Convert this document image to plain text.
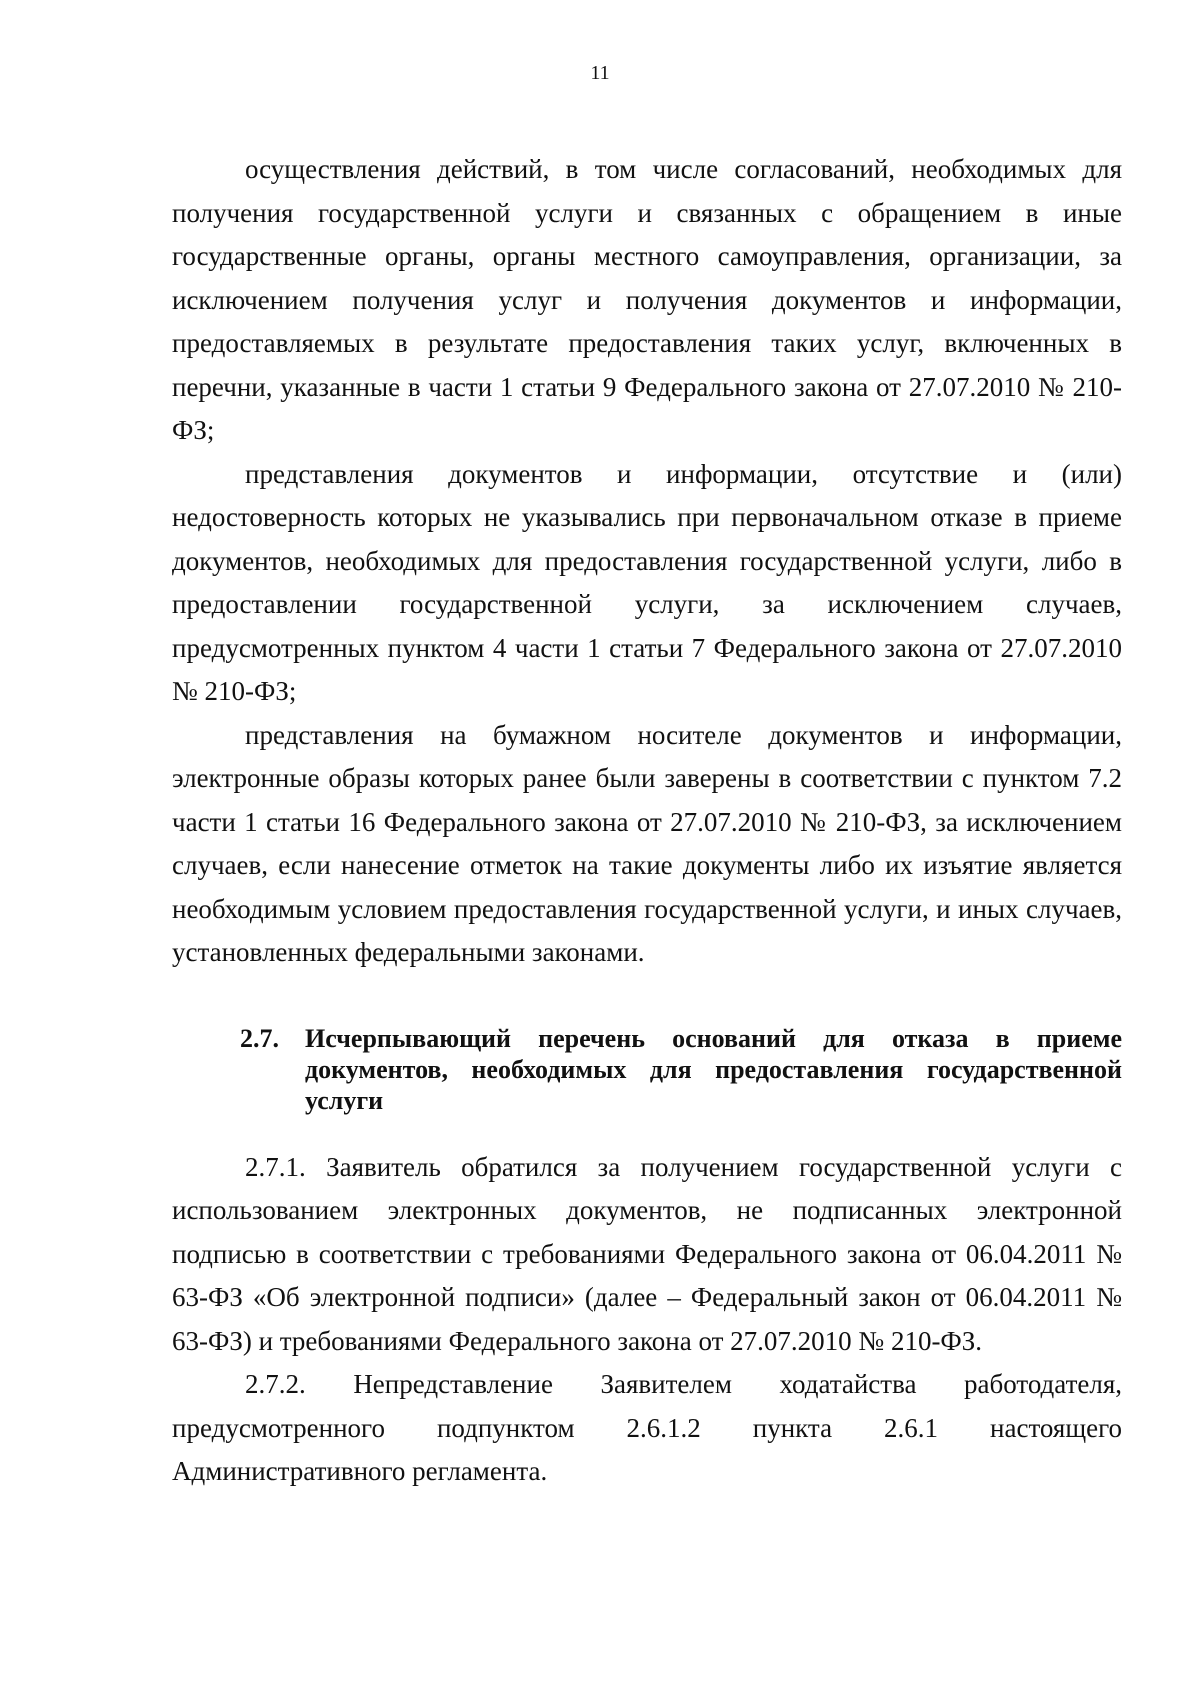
11

осуществления действий, в том числе согласований, необходимых для получения государственной услуги и связанных с обращением в иные государственные органы, органы местного самоуправления, организации, за исключением получения услуг и получения документов и информации, предоставляемых в результате предоставления таких услуг, включенных в перечни, указанные в части 1 статьи 9 Федерального закона от 27.07.2010 № 210-ФЗ;

представления документов и информации, отсутствие и (или) недостоверность которых не указывались при первоначальном отказе в приеме документов, необходимых для предоставления государственной услуги, либо в предоставлении государственной услуги, за исключением случаев, предусмотренных пунктом 4 части 1 статьи 7 Федерального закона от 27.07.2010 № 210-ФЗ;

представления на бумажном носителе документов и информации, электронные образы которых ранее были заверены в соответствии с пунктом 7.2 части 1 статьи 16 Федерального закона от 27.07.2010 № 210-ФЗ, за исключением случаев, если нанесение отметок на такие документы либо их изъятие является необходимым условием предоставления государственной услуги, и иных случаев, установленных федеральными законами.

2.7.	Исчерпывающий перечень оснований для отказа в приеме документов, необходимых для предоставления государственной услуги

2.7.1. Заявитель обратился за получением государственной услуги с использованием электронных документов, не подписанных электронной подписью в соответствии с требованиями Федерального закона от 06.04.2011 № 63-ФЗ «Об электронной подписи» (далее – Федеральный закон от 06.04.2011 № 63-ФЗ) и требованиями Федерального закона от 27.07.2010 № 210-ФЗ.

2.7.2. Непредставление Заявителем ходатайства работодателя, предусмотренного подпунктом 2.6.1.2 пункта 2.6.1 настоящего Административного регламента.
